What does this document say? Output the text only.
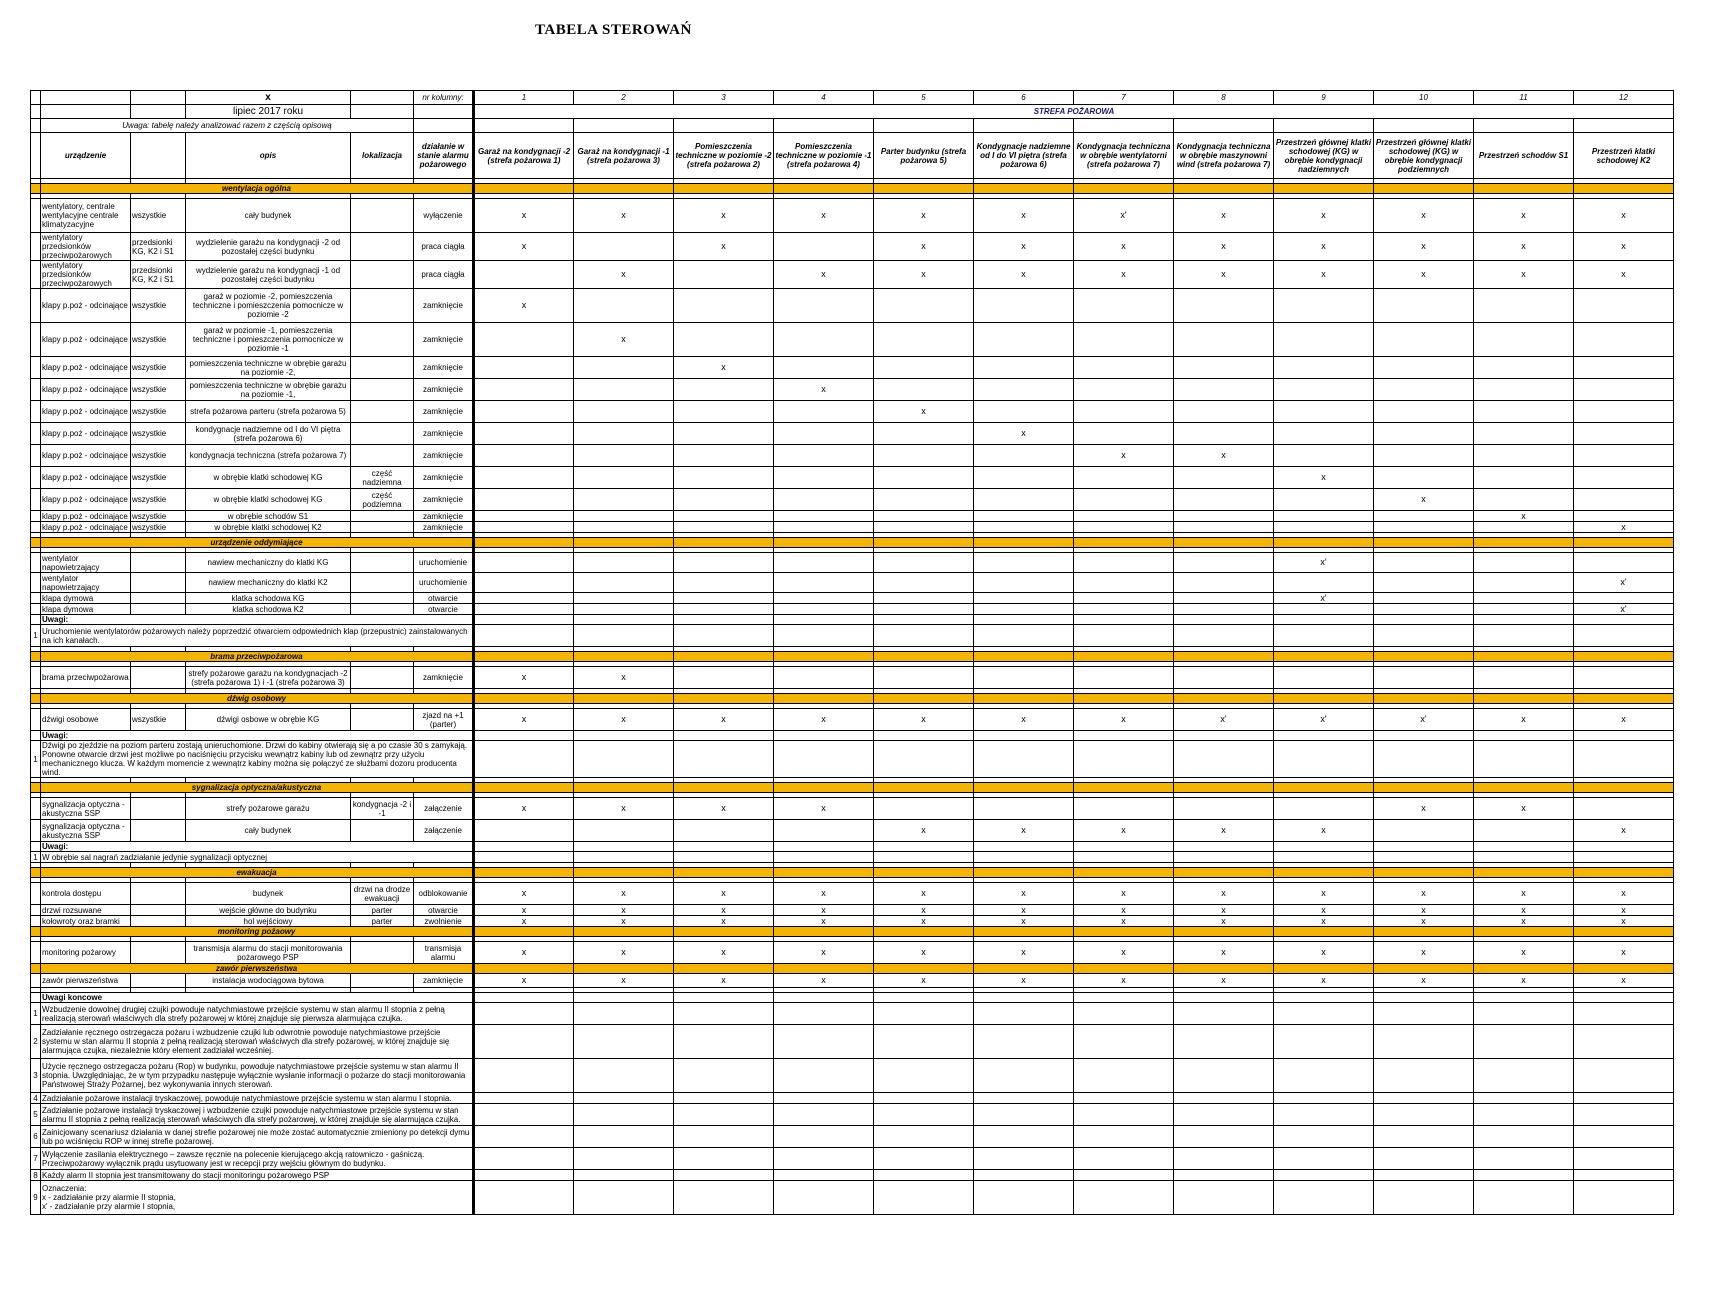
TABELA STEROWAŃ
			x		nr kolumny:	1	2	3	4	5	6	7	8	9	10	11	12
			lipiec 2017 roku			STREFA POŻAROWA											
	Uwaga: tabelę należy analizować razem z częścią opisową																
	urządzenie		opis	lokalizacja	działanie w stanie alarmu pożarowego	Garaż na kondygnacji -2 (strefa pożarowa 1)	Garaż na kondygnacji -1 (strefa pożarowa 3)	Pomieszczenia techniczne w poziomie -2 (strefa pożarowa 2)	Pomieszczenia techniczne w poziomie -1 (strefa pożarowa 4)	Parter budynku (strefa pożarowa 5)	Kondygnacje nadziemne od I do VI piętra (strefa pożarowa 6)	Kondygnacja techniczna w obrębie wentylatorni (strefa pożarowa 7)	Kondygnacja techniczna w obrębie maszynowni wind (strefa pożarowa 7)	Przestrzeń głównej klatki schodowej (KG) w obrębie kondygnacji nadziemnych	Przestrzeń głównej klatki schodowej (KG) w obrębie kondygnacji podziemnych	Przestrzeń schodów S1	Przestrzeń klatki schodowej K2

	wentylacja ogólna																

	wentylatory, centrale wentylacyjne centrale klimatyzacyjne	wszystkie	cały budynek		wyłączenie	x	x	x	x	x	x	x'	x	x	x	x	x
	wentylatory przedsionków przeciwpożarowych	przedsionki KG, K2 i S1	wydzielenie garażu na kondygnacji -2 od pozostałej części budynku		praca ciągła	x		x		x	x	x	x	x	x	x	x
	wentylatory przedsionków przeciwpożarowych	przedsionki KG, K2 i S1	wydzielenie garażu na kondygnacji -1 od pozostałej części budynku		praca ciągła		x		x	x	x	x	x	x	x	x	x
	klapy p.poż - odcinające	wszystkie	garaż w poziomie -2, pomieszczenia techniczne i pomieszczenia pomocnicze w poziomie -2		zamknięcie	x											
	klapy p.poż - odcinające	wszystkie	garaż w poziomie -1, pomieszczenia techniczne i pomieszczenia pomocnicze w poziomie -1		zamknięcie		x										
	klapy p.poż - odcinające	wszystkie	pomieszczenia techniczne w obrębie garażu na poziomie -2,		zamknięcie			x									
	klapy p.poż - odcinające	wszystkie	pomieszczenia techniczne w obrębie garażu na poziomie -1,		zamknięcie				x								
	klapy p.poż - odcinające	wszystkie	strefa pożarowa parteru (strefa pożarowa 5)		zamknięcie					x							
	klapy p.poż - odcinające	wszystkie	kondygnacje nadziemne od I do VI piętra (strefa pożarowa 6)		zamknięcie						x						
	klapy p.poż - odcinające	wszystkie	kondygnacja techniczna (strefa pożarowa 7)		zamknięcie							x	x				
	klapy p.poż - odcinające	wszystkie	w obrębie klatki schodowej KG	część nadziemna	zamknięcie									x			
	klapy p.poż - odcinające	wszystkie	w obrębie klatki schodowej KG	część podziemna	zamknięcie										x		
	klapy p.poż - odcinające	wszystkie	w obrębie schodów S1		zamknięcie											x	
	klapy p.poż - odcinające	wszystkie	w obrębie klatki schodowej K2		zamknięcie												x

	urządzenie oddymiające																

	wentylator napowietrzający		nawiew mechaniczny do klatki KG		uruchomienie									x'			
	wentylator napowietrzający		nawiew mechaniczny do klatki K2		uruchomienie												x'
	klapa dymowa		klatka schodowa KG		otwarcie									x'			
	klapa dymowa		klatka schodowa K2		otwarcie												x'
	Uwagi:																
1	Uruchomienie wentylatorów pożarowych należy poprzedzić otwarciem odpowiednich klap (przepustnic) zainstalowanych na ich kanałach.																

	brama przeciwpożarowa																

	brama przeciwpożarowa		strefy pożarowe garażu na kondygnacjach -2 (strefa pożarowa 1) i -1 (strefa pożarowa 3)		zamknięcie	x	x										

	dźwig osobowy																

	dźwigi osobowe	wszystkie	dźwigi osbowe w obrębie KG		zjazd na +1 (parter)	x	x	x	x	x	x	x	x'	x'	x'	x	x
	Uwagi:																
1	Dźwigi po zjeździe na poziom parteru zostają unieruchomione. Drzwi do kabiny otwierają się a po czasie 30 s zamykają. Ponowne otwarcie drzwi jest możliwe po naciśnięciu przycisku wewnątrz kabiny lub od zewnątrz przy użyciu mechanicznego klucza. W każdym momencie z wewnątrz kabiny można się połączyć ze służbami dozoru producenta wind.																

	sygnalizacja optyczna/akustyczna																

	sygnalizacja optyczna - akustyczna SSP		strefy pożarowe garażu	kondygnacja -2 i -1	załączenie	x	x	x	x						x	x	
	sygnalizacja optyczna - akustyczna SSP		cały budynek		załączenie					x	x	x	x	x			x
	Uwagi:																
1	W obrębie sal nagrań zadziałanie jedynie sygnalizacji optycznej																

	ewakuacja																

	kontrola dostępu		budynek	drzwi na drodze ewakuacji	odblokowanie	x	x	x	x	x	x	x	x	x	x	x	x
	drzwi rozsuwane		wejście główne do budynku	parter	otwarcie	x	x	x	x	x	x	x	x	x	x	x	x
	kołowroty oraz bramki		hol wejściowy	parter	zwolnienie	x	x	x	x	x	x	x	x	x	x	x	x
	monitoring pożaowy																

	monitoring pożarowy		transmisja alarmu do stacji monitorowania pożarowego PSP		transmisja alarmu	x	x	x	x	x	x	x	x	x	x	x	x
	zawór pierwszeństwa																
	zawór pierwszeństwa		instalacja wodociągowa bytowa		zamknięcie	x	x	x	x	x	x	x	x	x	x	x	x

	Uwagi koncowe																
1	Wzbudzenie dowolnej drugiej czujki powoduje natychmiastowe przejście systemu w stan alarmu II stopnia z pełną realizacją sterowań właściwych dla strefy pożarowej w której znajduje się pierwsza alarmująca czujka.																
2	Zadziałanie ręcznego ostrzegacza pożaru i wzbudzenie czujki lub odwrotnie powoduje natychmiastowe przejście systemu w stan alarmu II stopnia z pełną realizacją sterowań właściwych dla strefy pożarowej, w której znajduje się alarmująca czujka, niezależnie który element zadziałał wcześniej.																
3	Użycie ręcznego ostrzegacza pożaru (Rop) w budynku, powoduje natychmiastowe przejście systemu w stan alarmu II stopnia. Uwzględniając, że w tym przypadku następuje wyłącznie wysłanie informacji o pożarze do stacji monitorowania Państwowej Straży Pożarnej, bez wykonywania innych sterowań.																
4	Zadziałanie pożarowe instalacji tryskaczowej, powoduje natychmiastowe przejście systemu w stan alarmu I stopnia.																
5	Zadziałanie pożarowe instalacji tryskaczowej i wzbudzenie czujki powoduje natychmiastowe przejście systemu w stan alarmu II stopnia z pełną realizacją sterowań właściwych dla strefy pożarowej, w której znajduje się alarmująca czujka.																
6	Zainicjowany scenariusz działania w danej strefie pożarowej nie może zostać automatycznie zmieniony po detekcji dymu lub po wciśnięciu ROP w innej strefie pożarowej.																
7	Wyłączenie zasilania elektrycznego – zawsze ręcznie na polecenie kierującego akcją ratowniczo - gaśniczą. Przeciwpożarowy wyłącznik prądu usytuowany jest w recepcji przy wejściu głównym do budynku.																
8	Każdy alarm II stopnia jest transmitowany do stacji monitoringu pożarowego PSP																
9	Oznaczenia:
x - zadziałanie przy alarmie II stopnia,
x' - zadziałanie przy alarmie I stopnia,																
